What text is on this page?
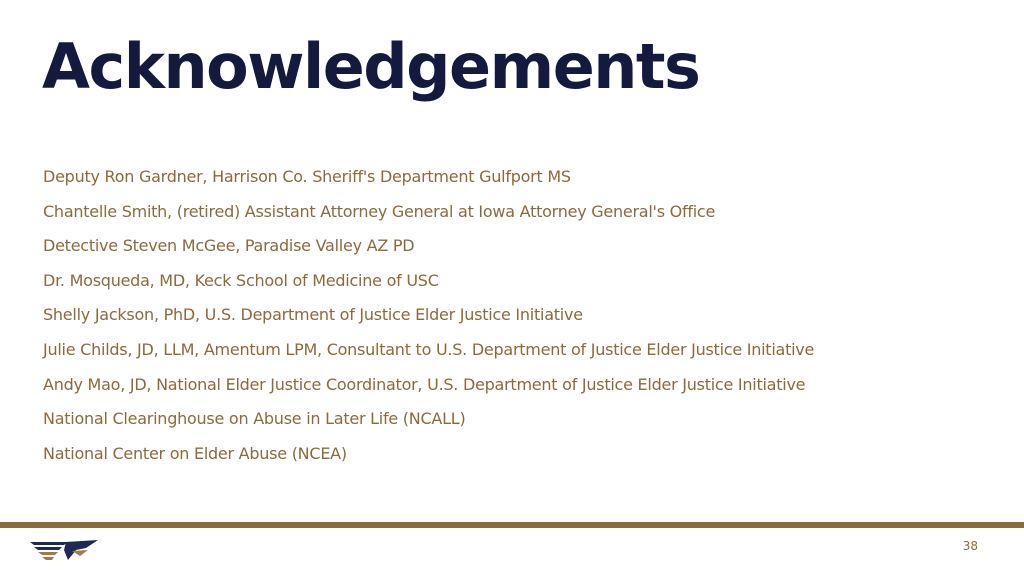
Acknowledgements
Deputy Ron Gardner, Harrison Co. Sheriff's Department Gulfport MS
Chantelle Smith, (retired) Assistant Attorney General at Iowa Attorney General's Office
Detective Steven McGee, Paradise Valley AZ PD
Dr. Mosqueda, MD, Keck School of Medicine of USC
Shelly Jackson, PhD, U.S. Department of Justice Elder Justice Initiative
Julie Childs, JD, LLM, Amentum LPM, Consultant to U.S. Department of Justice Elder Justice Initiative
Andy Mao, JD, National Elder Justice Coordinator, U.S. Department of Justice Elder Justice Initiative
National Clearinghouse on Abuse in Later Life (NCALL)
National Center on Elder Abuse (NCEA)
38
